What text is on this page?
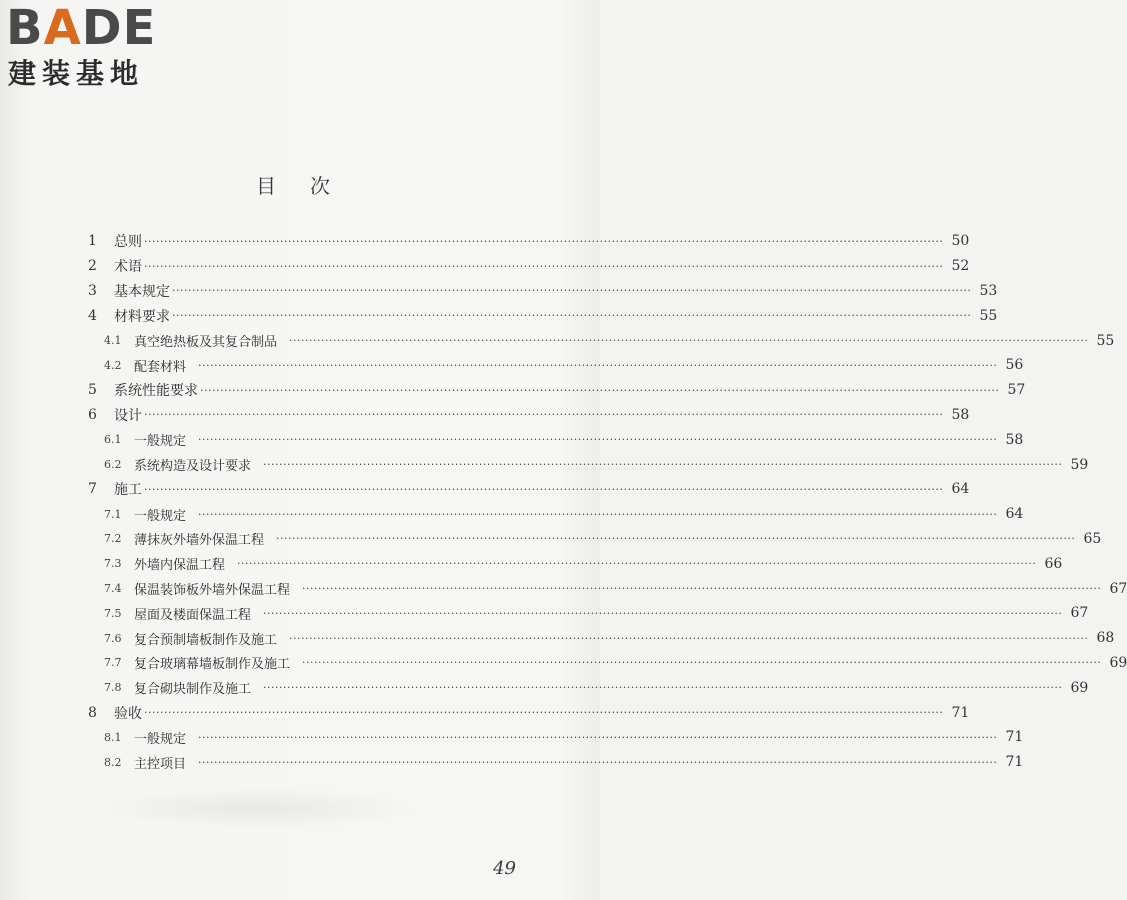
BADE
建装基地
目次
1	总则 ········································································································································································································ 50
2	术语 ········································································································································································································ 52
3	基本规定 ········································································································································································································ 53
4	材料要求 ········································································································································································································ 55
4.1 真空绝热板及其复合制品 ········································································································································································································ 55
4.2 配套材料 ········································································································································································································ 56
5	系统性能要求 ········································································································································································································ 57
6	设计 ········································································································································································································ 58
6.1 一般规定 ········································································································································································································ 58
6.2 系统构造及设计要求 ········································································································································································································ 59
7	施工 ········································································································································································································ 64
7.1 一般规定 ········································································································································································································ 64
7.2 薄抹灰外墙外保温工程 ········································································································································································································ 65
7.3 外墙内保温工程 ········································································································································································································ 66
7.4 保温装饰板外墙外保温工程 ········································································································································································································ 67
7.5 屋面及楼面保温工程 ········································································································································································································ 67
7.6 复合预制墙板制作及施工 ········································································································································································································ 68
7.7 复合玻璃幕墙板制作及施工 ········································································································································································································ 69
7.8 复合砌块制作及施工 ········································································································································································································ 69
8	验收 ········································································································································································································ 71
8.1 一般规定 ········································································································································································································ 71
8.2 主控项目 ········································································································································································································ 71
49
